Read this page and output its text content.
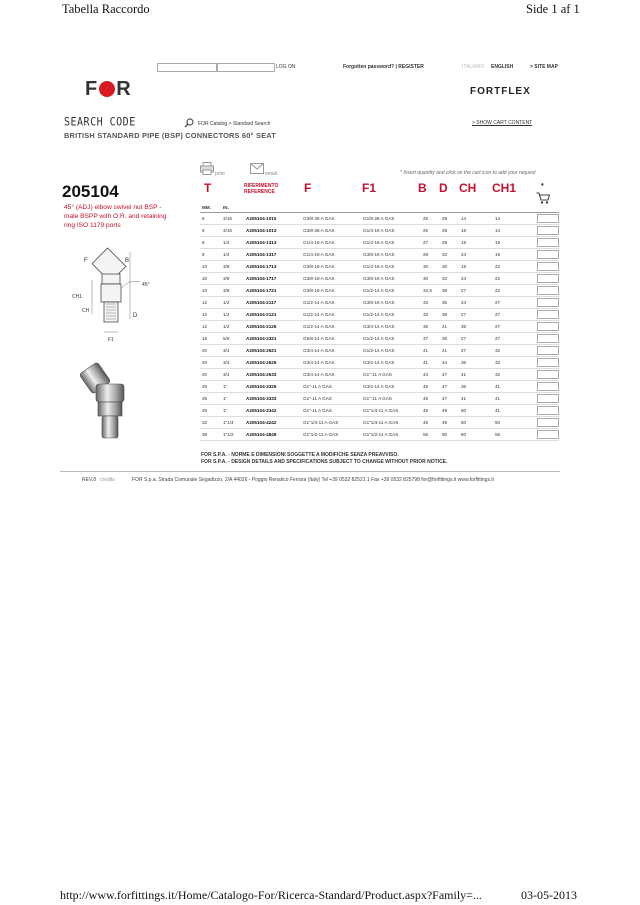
Tabella Raccordo	Side 1 af 1
LOG ON	Forgotten password? | REGISTER	ITALIANO ENGLISH	> SITE MAP
F R	FORTFLEX
SEARCH CODE	FOR Catalog > Standard Search	> SHOW CART CONTENT
BRITISH STANDARD PIPE (BSP) CONNECTORS 60° SEAT
print	email	* Insert quantity and click on the cart icon to add your request
205104
45° (ADJ) elbow swivel nut BSP - male BSPP with O.R. and retaining ring ISO 1179 ports
T	RIFERIMENTO
REFERENCE F	F1	B D CH CH1	*
F	B
45°
CH1
CH
D
F1
MM.	IN.								
6	3/16	A205104-1010	G3/8-28 A GAS	G1/8-28 A GAS	25	28	14	14	

6	3/16	A205104-1013	G3/8-28 A GAS	G1/4-19 A GAS	25	28	19	14	

8	1/4	A205104-1313	G1/4-19 A GAS	G1/4-19 A GAS	27	28	19	19	

8	1/4	A205104-1317	G1/4-19 A GAS	G3/8-19 A GAS	28	33	24	19	

10	3/8	A205104-1713	G3/8-19 A GAS	G1/4-19 A GAS	30	30	19	22	

10	3/8	A205104-1717	G3/8-19 A GAS	G3/8-19 A GAS	30	33	24	22	

10	3/8	A205104-1721	G3/8-19 A GAS	G1/2-14 A GAS	32,5	38	27	22	

12	1/2	A205104-2117	G1/2-14 A GAS	G3/8-19 A GAS	33	35	24	27	

12	1/2	A205104-2121	G1/2-14 A GAS	G1/2-14 A GAS	33	38	27	27	

12	1/2	A205104-2126	G1/2-14 A GAS	G3/4-14 A GAS	35	41	36	27	

16	5/8	A205104-2321	G5/8-14 A GAS	G1/2-14 A GAS	37	36	27	27	

20	3/4	A205104-2621	G3/4-14 A GAS	G1/2-14 A GAS	41	41	27	32	

20	3/4	A205104-2626	G3/4-14 A GAS	G3/4-14 A GAS	41	44	36	32	

20	3/4	A205104-2633	G3/4-14 A GAS	G1"-11 A GAS	44	47	41	32	

25	1"	A205104-3326	G1"-11 A GAS	G3/4-14 A GAS	46	47	36	41	

25	1"	A205104-3333	G1"-11 A GAS	G1"-11 A GAS	46	47	41	41	

25	1"	A205104-3342	G1"-11 A GAS	G1"1/4-11 A GAS	46	49	50	41	

32	1"1/4	A205104-4242	G1"1/4-11 A GAS	G1"1/4-11 A GAS	46	49	50	50	

38	1"1/2	A205104-4848	G1"1/2-11 A GAS	G1"1/2-11 A GAS	55	60	60	55	
FOR S.P.A. - NORME E DIMENSIONI SOGGETTE A MODIFICHE SENZA PREAVVISO.
FOR S.P.A. - DESIGN DETAILS AND SPECIFICATIONS SUBJECT TO CHANGE WITHOUT PRIOR NOTICE.
REV.8 credits	FOR S.p.a. Strada Comunale Segadizzo, 2/A 44026 - Poggio Renatico Ferrara (Italy) Tel +39 0532 82521 1 Fax +39 0532 825798 for@forfittings.it www.forfittings.it
http://www.forfittings.it/Home/Catalogo-For/Ricerca-Standard/Product.aspx?Family=...	03-05-2013
